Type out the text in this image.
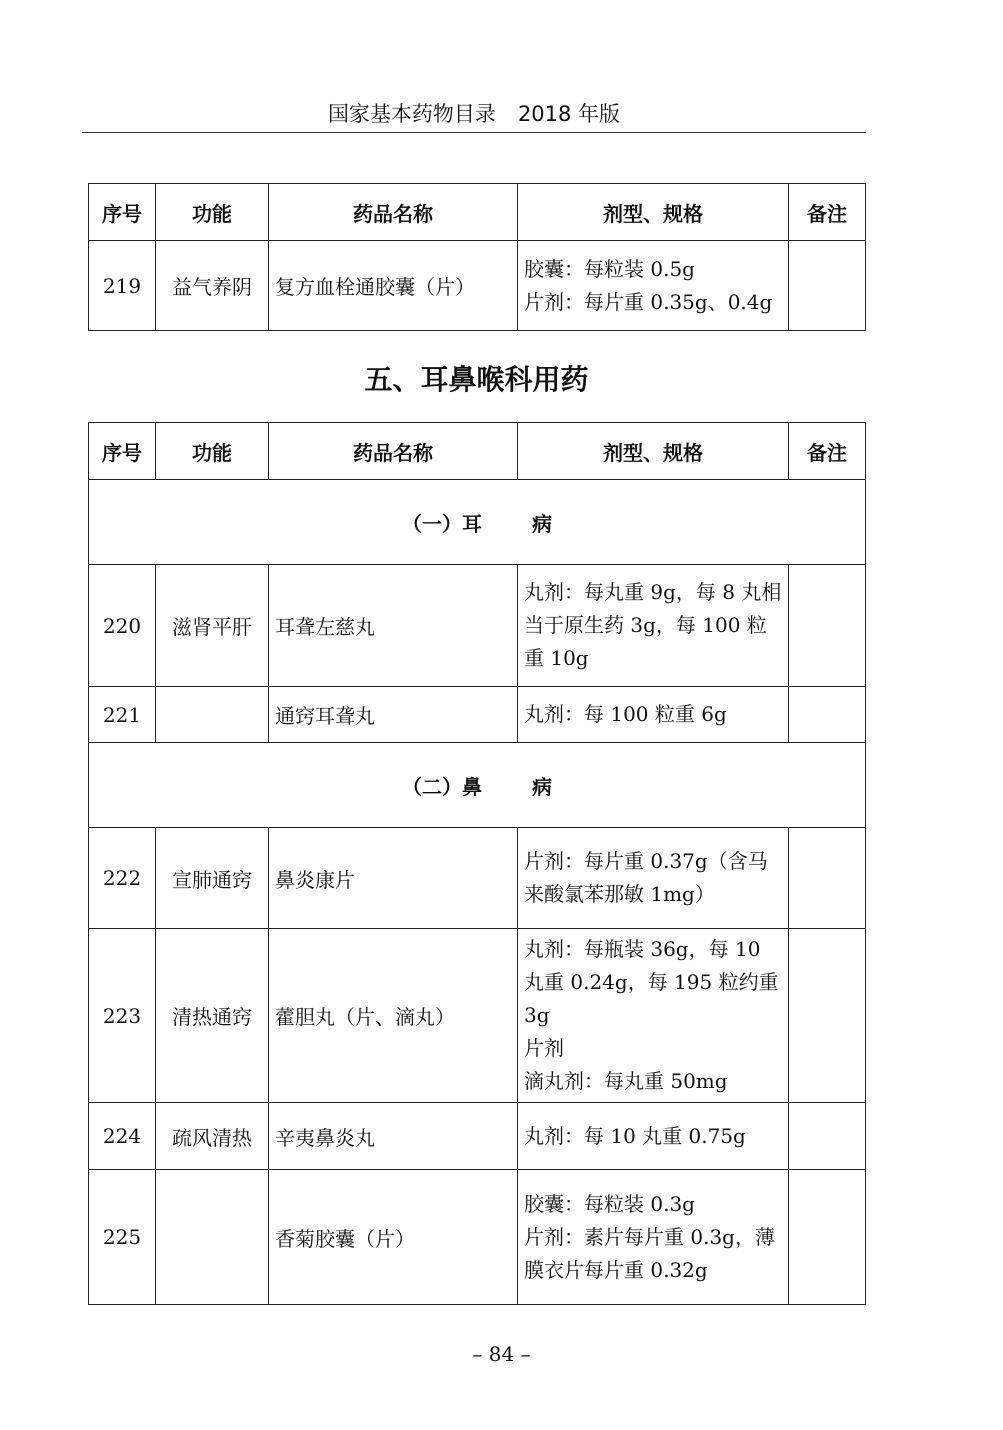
国家基本药物目录 2018 年版
序号	功能	药品名称	剂型、规格	备注
219	益气养阴	复方血栓通胶囊（片）	胶囊：每粒装 0.5g
片剂：每片重 0.35g、0.4g	

五、耳鼻喉科用药
序号	功能	药品名称	剂型、规格	备注
（一）耳 病				
220	滋肾平肝	耳聋左慈丸	丸剂：每丸重 9g，每 8 丸相当于原生药 3g，每 100 粒重 10g	

221		通窍耳聋丸	丸剂：每 100 粒重 6g	

（二）鼻 病				
222	宣肺通窍	鼻炎康片	片剂：每片重 0.37g（含马来酸氯苯那敏 1mg）	

223	清热通窍	藿胆丸（片、滴丸）	丸剂：每瓶装 36g，每 10 丸重 0.24g，每 195 粒约重 3g
片剂
滴丸剂：每丸重 50mg	

224	疏风清热	辛夷鼻炎丸	丸剂：每 10 丸重 0.75g	

225		香菊胶囊（片）	胶囊：每粒装 0.3g
片剂：素片每片重 0.3g，薄膜衣片每片重 0.32g	

– 84 –
